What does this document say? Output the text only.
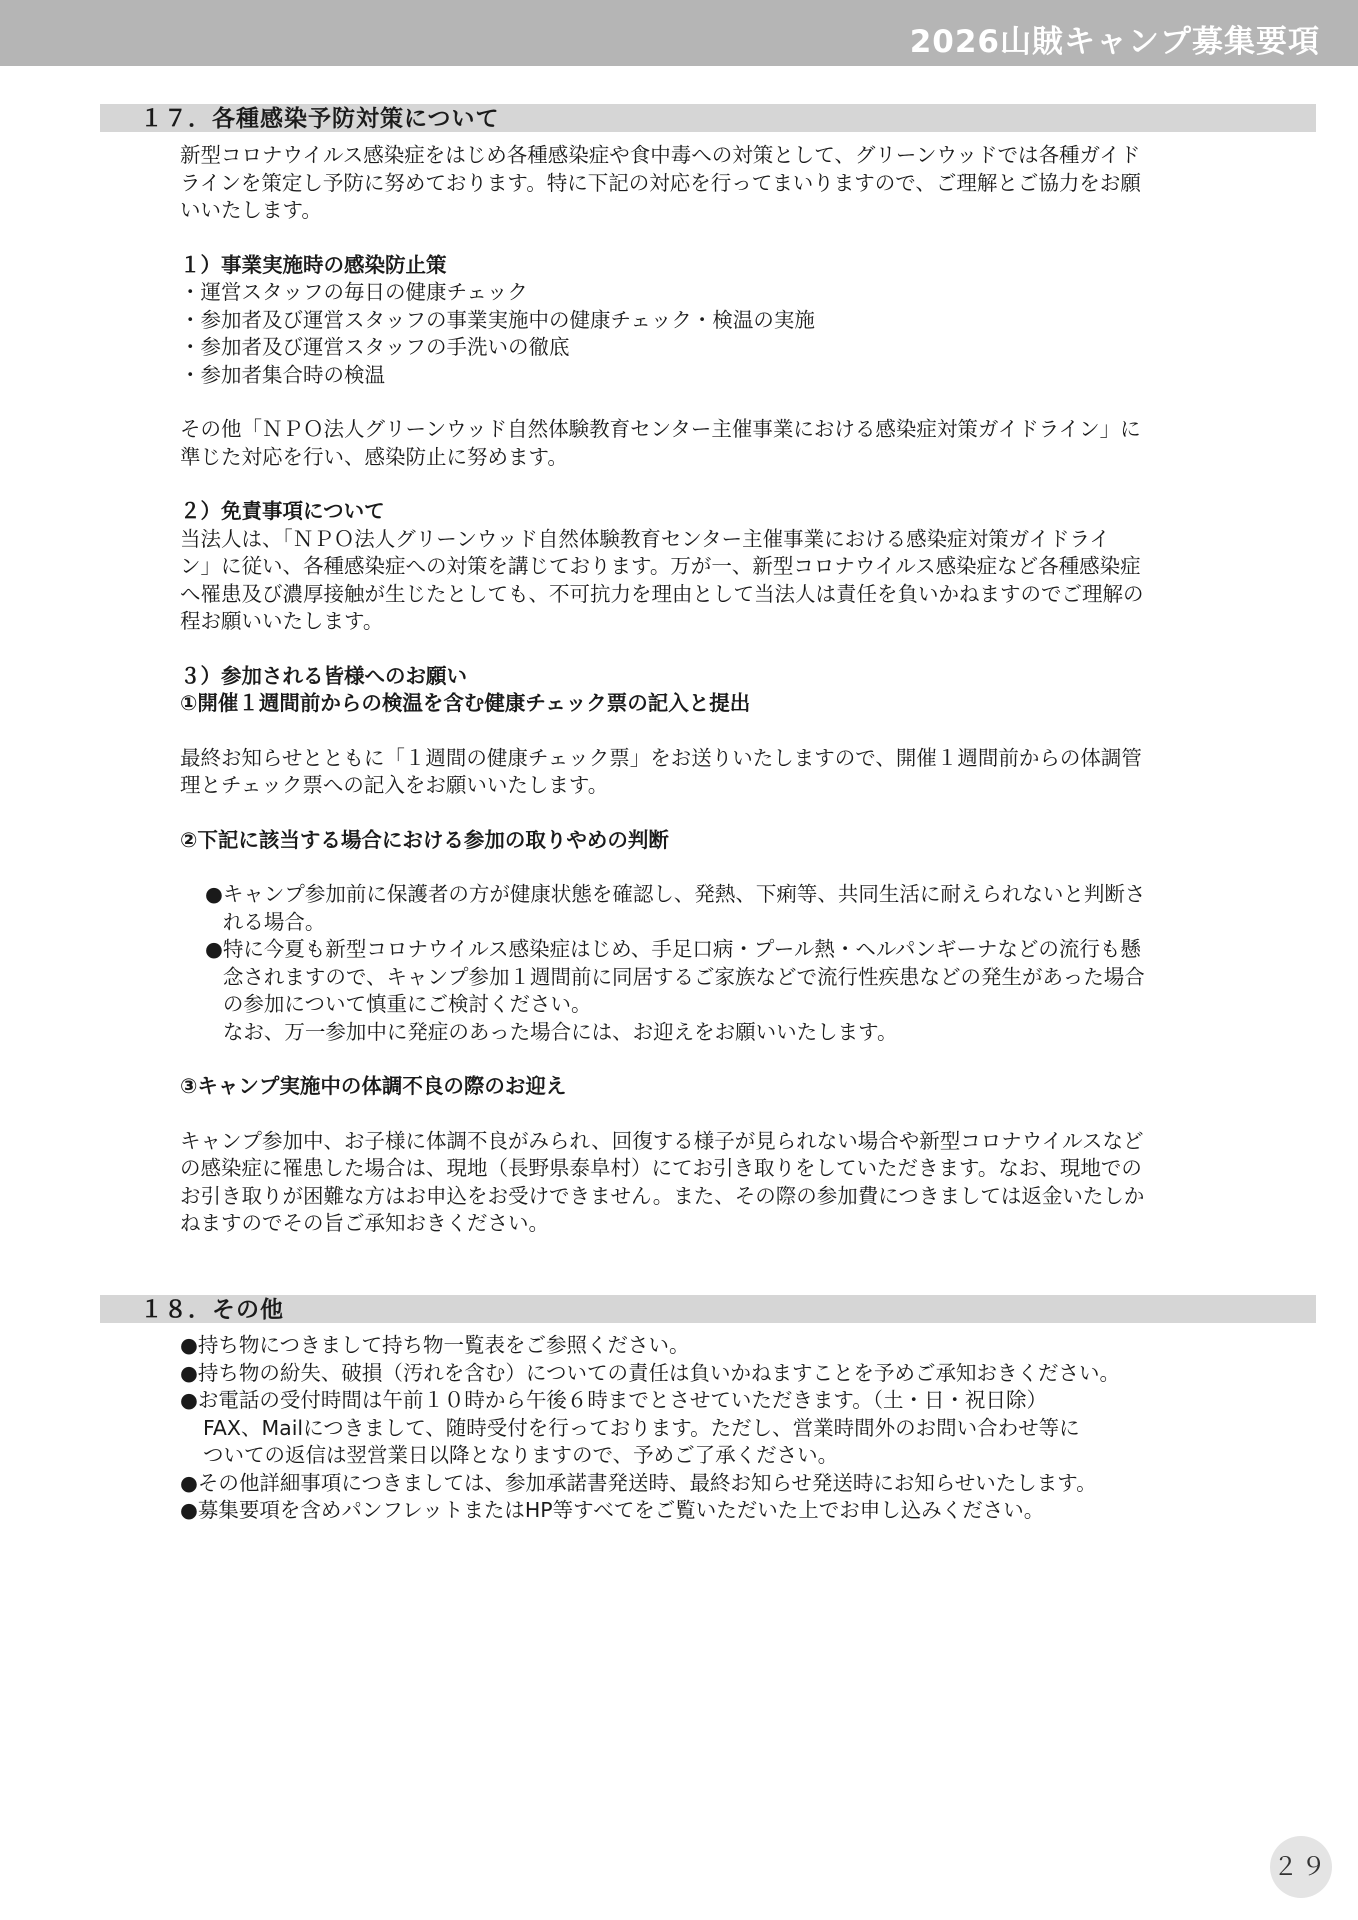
2026山賊キャンプ募集要項
１７．各種感染予防対策について

新型コロナウイルス感染症をはじめ各種感染症や食中毒への対策として、グリーンウッドでは各種ガイド

ラインを策定し予防に努めております。特に下記の対応を行ってまいりますので、ご理解とご協力をお願

いいたします。

１）事業実施時の感染防止策

・運営スタッフの毎日の健康チェック

・参加者及び運営スタッフの事業実施中の健康チェック・検温の実施

・参加者及び運営スタッフの手洗いの徹底

・参加者集合時の検温

その他「ＮＰＯ法人グリーンウッド自然体験教育センター主催事業における感染症対策ガイドライン」に

準じた対応を行い、感染防止に努めます。

２）免責事項について

当法人は、「ＮＰＯ法人グリーンウッド自然体験教育センター主催事業における感染症対策ガイドライ

ン」に従い、各種感染症への対策を講じております。万が一、新型コロナウイルス感染症など各種感染症

へ罹患及び濃厚接触が生じたとしても、不可抗力を理由として当法人は責任を負いかねますのでご理解の

程お願いいたします。

３）参加される皆様へのお願い

①開催１週間前からの検温を含む健康チェック票の記入と提出

最終お知らせとともに「１週間の健康チェック票」をお送りいたしますので、開催１週間前からの体調管

理とチェック票への記入をお願いいたします。

②下記に該当する場合における参加の取りやめの判断

● キャンプ参加前に保護者の方が健康状態を確認し、発熱、下痢等、共同生活に耐えられないと判断さ

れる場合。

● 特に今夏も新型コロナウイルス感染症はじめ、手足口病・プール熱・ヘルパンギーナなどの流行も懸

念されますので、キャンプ参加１週間前に同居するご家族などで流行性疾患などの発生があった場合

の参加について慎重にご検討ください。

なお、万一参加中に発症のあった場合には、お迎えをお願いいたします。

③キャンプ実施中の体調不良の際のお迎え

キャンプ参加中、お子様に体調不良がみられ、回復する様子が見られない場合や新型コロナウイルスなど

の感染症に罹患した場合は、現地（長野県泰阜村）にてお引き取りをしていただきます。なお、現地での

お引き取りが困難な方はお申込をお受けできません。また、その際の参加費につきましては返金いたしか

ねますのでその旨ご承知おきください。

１８．その他
● 持ち物につきまして持ち物一覧表をご参照ください。
● 持ち物の紛失、破損（汚れを含む）についての責任は負いかねますことを予めご承知おきください。
● お電話の受付時間は午前１０時から午後６時までとさせていただきます。（土・日・祝日除）

FAX、Mailにつきまして、随時受付を行っております。ただし、営業時間外のお問い合わせ等に

ついての返信は翌営業日以降となりますので、予めご了承ください。

● その他詳細事項につきましては、参加承諾書発送時、最終お知らせ発送時にお知らせいたします。
● 募集要項を含めパンフレットまたはHP等すべてをご覧いただいた上でお申し込みください。
２９
